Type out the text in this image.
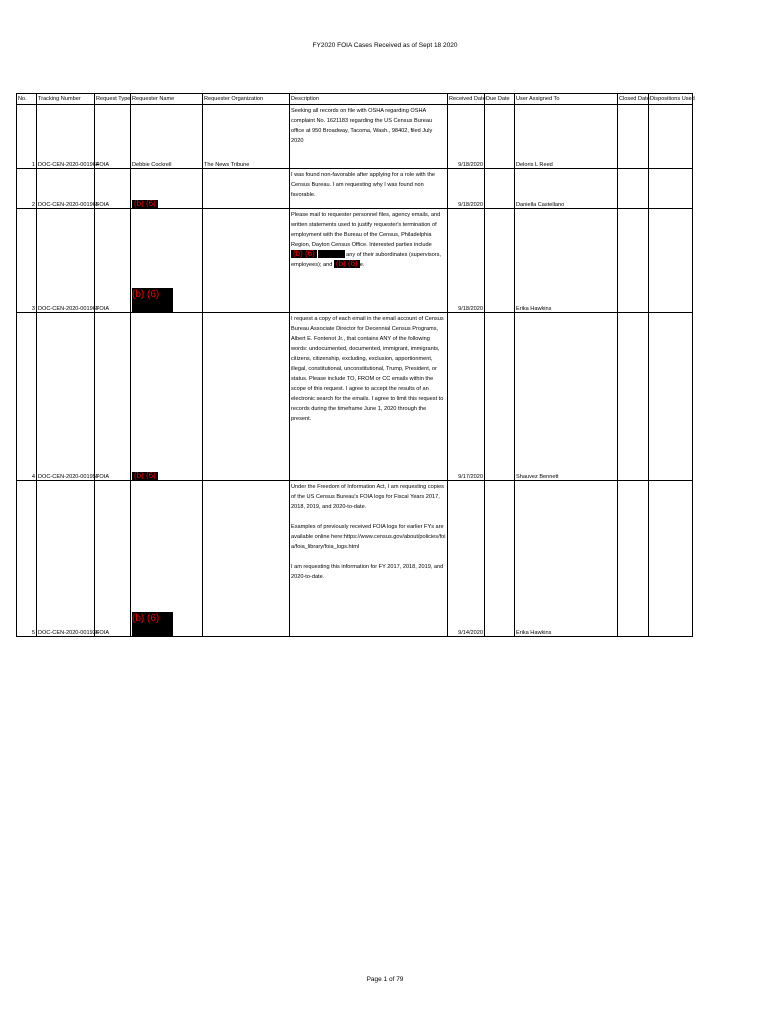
FY2020 FOIA Cases Received as of Sept 18 2020
No.	Tracking Number	Request Type	Requester Name	Requester Organization	Description	Received Date	Due Date	User Assigned To	Closed Date	Dispositions Used
1	DOC-CEN-2020-001964	FOIA	Debbie Cockrell	The News Tribune	Seeking all records on file with OSHA regarding OSHA complaint No. 1621183 regarding the US Census Bureau office at 950 Broadway, Tacoma, Wash., 98402, filed July 2020	9/18/2020		Deloris L Reed		
2	DOC-CEN-2020-001965	FOIA	(b) (6)		I was found non-favorable after applying for a role with the Census Bureau. I am requesting why I was found non favorable.	9/18/2020		Daniella Castellano		
3	DOC-CEN-2020-001967	FOIA	(b) (6)		Please mail to requester personnel files, agency emails, and written statements used to justify requester's termination of employment with the Bureau of the Census, Philadelphia Region, Dayton Census Office. Interested parties include (b) (6) any of their subordinates (supervisors, employees); and (b) (6) e.	9/18/2020		Erika Hawkins		
4	DOC-CEN-2020-001957	FOIA	(b) (6)		I request a copy of each email in the email account of Census Bureau Associate Director for Decennial Census Programs, Albert E. Fontenot Jr., that contains ANY of the following words: undocumented, documented, immigrant, immigrants, citizens, citizenship, excluding, exclusion, apportionment, illegal, constitutional, unconstitutional, Trump, President, or status. Please include TO, FROM or CC emails within the scope of this request. I agree to accept the results of an electronic search for the emails. I agree to limit this request to records during the timeframe June 1, 2020 through the present.	9/17/2020		Shauvez Bennett		
5	DOC-CEN-2020-001936	FOIA	(b) (6)		Under the Freedom of Information Act, I am requesting copies of the US Census Bureau's FOIA logs for Fiscal Years 2017, 2018, 2019, and 2020-to-date.

Examples of previously received FOIA logs for earlier FYs are available online here:https://www.census.gov/about/policies/foia/foia_library/foia_logs.html

I am requesting this information for FY 2017, 2018, 2019, and 2020-to-date.	9/14/2020		Erika Hawkins		
Page 1 of 79
